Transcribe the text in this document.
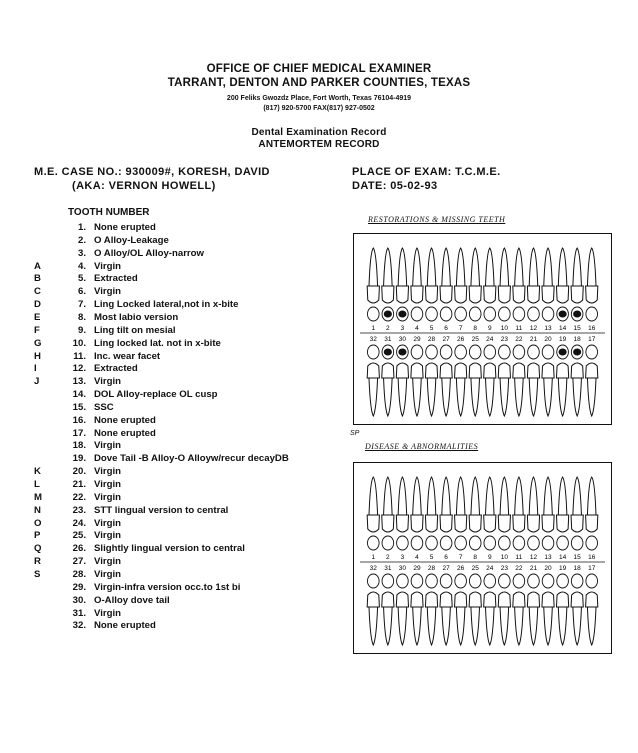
OFFICE OF CHIEF MEDICAL EXAMINER
TARRANT, DENTON AND PARKER COUNTIES, TEXAS
200 Feliks Gwozdz Place, Fort Worth, Texas 76104-4919
(817) 920-5700 FAX(817) 927-0502
Dental Examination Record
ANTEMORTEM RECORD
M.E. CASE NO.: 930009#, KORESH, DAVID
(AKA: VERNON HOWELL)
PLACE OF EXAM: T.C.M.E.
DATE: 05-02-93
TOOTH NUMBER
1. None erupted
2. O Alloy-Leakage
3. O Alloy/OL Alloy-narrow
A	4. Virgin
B	5. Extracted
C	6. Virgin
D	7. Ling Locked lateral,not in x-bite
E	8. Most labio version
F	9. Ling tilt on mesial
G	10. Ling locked lat. not in x-bite
H	11. Inc. wear facet
I	12. Extracted
J	13. Virgin
14. DOL Alloy-replace OL cusp
15. SSC
16. None erupted
17. None erupted
18. Virgin
19. Dove Tail -B Alloy-O Alloyw/recur decayDB
K	20. Virgin
L	21. Virgin
M	22. Virgin
N	23. STT lingual version to central
O	24. Virgin
P	25. Virgin
Q	26. Slightly lingual version to central
R	27. Virgin
S	28. Virgin
29. Virgin-infra version occ.to 1st bi
30. O-Alloy dove tail
31. Virgin
32. None erupted
RESTORATIONS & MISSING TEETH
1
32
2
31
3
30
4
29
5
28
6
27
7
26
8
25
9
24
10
23
11
22
12
21
13
20
14
19
15
18
16
17
SP
DISEASE & ABNORMALITIES
1
32
2
31
3
30
4
29
5
28
6
27
7
26
8
25
9
24
10
23
11
22
12
21
13
20
14
19
15
18
16
17
